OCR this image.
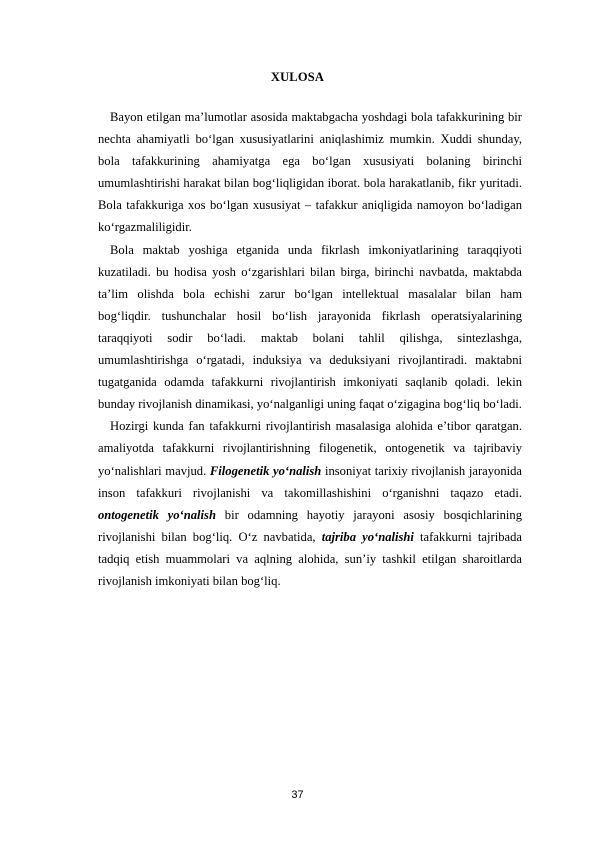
XULOSA

Bayon etilgan ma’lumotlar asosida maktabgacha yoshdagi bola tafakkurining bir nechta ahamiyatli bo‘lgan xususiyatlarini aniqlashimiz mumkin. Xuddi shunday, bola tafakkurining ahamiyatga ega bo‘lgan xususiyati bolaning birinchi umumlashtirishi harakat bilan bog‘liqligidan iborat. bola harakatlanib, fikr yuritadi. Bola tafakkuriga xos bo‘lgan xususiyat – tafakkur aniqligida namoyon bo‘ladigan ko‘rgazmaliligidir.

Bola maktab yoshiga etganida unda fikrlash imkoniyatlarining taraqqiyoti kuzatiladi. bu hodisa yosh o‘zgarishlari bilan birga, birinchi navbatda, maktabda ta’lim olishda bola echishi zarur bo‘lgan intellektual masalalar bilan ham bog‘liqdir. tushunchalar hosil bo‘lish jarayonida fikrlash operatsiyalarining taraqqiyoti sodir bo‘ladi. maktab bolani tahlil qilishga, sintezlashga, umumlashtirishga o‘rgatadi, induksiya va deduksiyani rivojlantiradi. maktabni tugatganida odamda tafakkurni rivojlantirish imkoniyati saqlanib qoladi. lekin bunday rivojlanish dinamikasi, yo‘nalganligi uning faqat o‘zigagina bog‘liq bo‘ladi.

Hozirgi kunda fan tafakkurni rivojlantirish masalasiga alohida e’tibor qaratgan. amaliyotda tafakkurni rivojlantirishning filogenetik, ontogenetik va tajribaviy yo‘nalishlari mavjud. Filogenetik yo‘nalish insoniyat tarixiy rivojlanish jarayonida inson tafakkuri rivojlanishi va takomillashishini o‘rganishni taqazo etadi. ontogenetik yo‘nalish bir odamning hayotiy jarayoni asosiy bosqichlarining rivojlanishi bilan bog‘liq. O‘z navbatida, tajriba yo‘nalishi tafakkurni tajribada tadqiq etish muammolari va aqlning alohida, sun’iy tashkil etilgan sharoitlarda rivojlanish imkoniyati bilan bog‘liq.

37
